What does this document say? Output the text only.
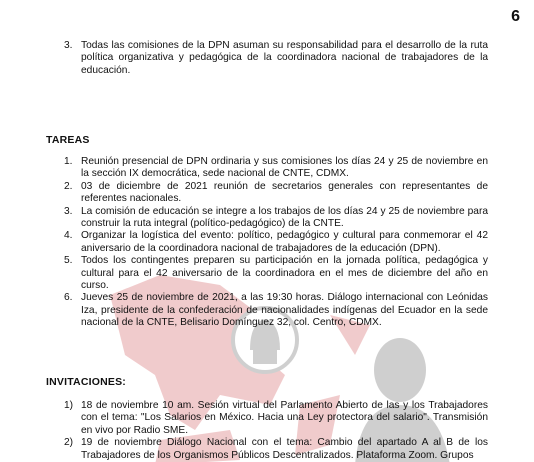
6
3. Todas las comisiones de la DPN asuman su responsabilidad para el desarrollo de la ruta política organizativa y pedagógica de la coordinadora nacional de trabajadores de la educación.
TAREAS
1. Reunión presencial de DPN ordinaria y sus comisiones los días 24 y 25 de noviembre en la sección IX democrática, sede nacional de CNTE, CDMX.
2. 03 de diciembre de 2021 reunión de secretarios generales con representantes de referentes nacionales.
3. La comisión de educación se integre a los trabajos de los días 24 y 25 de noviembre para construir la ruta integral (político-pedagógico) de la CNTE.
4. Organizar la logística del evento: político, pedagógico y cultural para conmemorar el 42 aniversario de la coordinadora nacional de trabajadores de la educación (DPN).
5. Todos los contingentes preparen su participación en la jornada política, pedagógica y cultural para el 42 aniversario de la coordinadora en el mes de diciembre del año en curso.
6. Jueves 25 de noviembre de 2021, a las 19:30 horas. Diálogo internacional con Leónidas Iza, presidente de la confederación de nacionalidades indígenas del Ecuador en la sede nacional de la CNTE, Belisario Domínguez 32, col. Centro, CDMX.
INVITACIONES:
1) 18 de noviembre 10 am. Sesión virtual del Parlamento Abierto de las y los Trabajadores con el tema: "Los Salarios en México. Hacia una Ley protectora del salario". Transmisión en vivo por Radio SME.
2) 19 de noviembre Diálogo Nacional con el tema: Cambio del apartado A al B de los Trabajadores de los Organismos Públicos Descentralizados. Plataforma Zoom. Grupos
